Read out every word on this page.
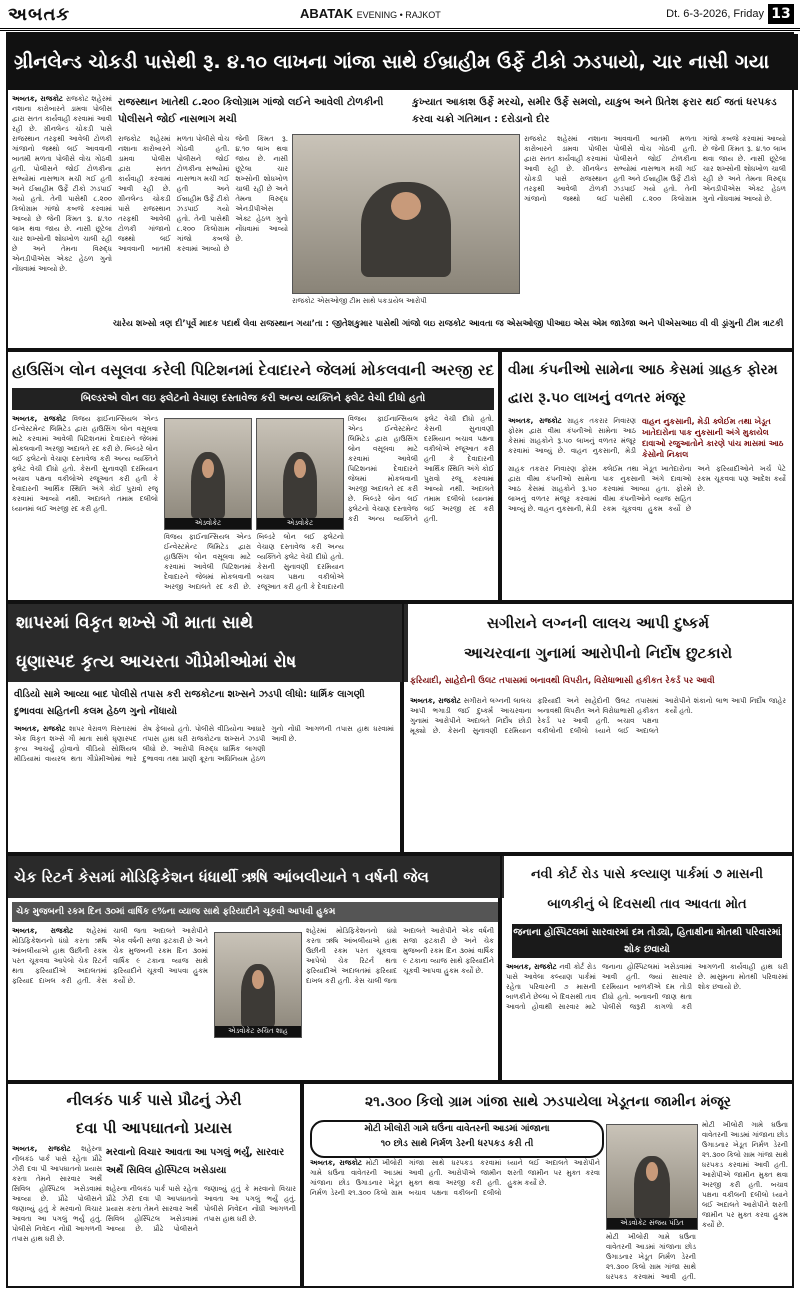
અબતક	ABATAK EVENING • RAJKOT	Dt. 6-3-2026, Friday 13
ગ્રીનલેન્ડ ચોકડી પાસેથી રૂ. ૪.૧૦ લાખના ગાંજા સાથે ઈબ્રાહીમ ઉર્ફે ટીકો ઝડપાયો, ચાર નાસી ગયા
રાજસ્થાન ખાતેથી ૮.૨૦૦ કિલોગ્રામ ગાંજો લઈને આવેલી ટોળકીની પોલીસને જોઈ નાસભાગ મચી
કુખ્યાત આકાશ ઉર્ફે મરચો, સમીર ઉર્ફે સમલો, યાકુબ અને પ્રિતેશ ફરાર થઈ જતાં ધરપકડ કરવા ચક્રો ગતિમાન : દરોડાનો દોર
અબતક, રાજકોટ રાજકોટ શહેરમાં નશાના કારોબારને ડામવા પોલીસ દ્વારા સતત કાર્યવાહી કરવામાં આવી રહી છે. ગ્રીનલેન્ડ ચોકડી પાસે રાજસ્થાન તરફથી આવેલી ટોળકી ગાંજાનો જથ્થો લઈ આવવાની બાતમી મળતા પોલીસે વોચ ગોઠવી હતી. પોલીસને જોઈ ટોળકીના સભ્યોમાં નાસભાગ મચી ગઈ હતી અને ઈબ્રાહીમ ઉર્ફે ટીકો ઝડપાઈ ગયો હતો. તેની પાસેથી ૮.૨૦૦ કિલોગ્રામ ગાંજો કબજે કરવામાં આવ્યો છે જેની કિંમત રૂ. ૪.૧૦ લાખ થવા જાય છે. નાસી છૂટેલા ચાર શખ્સોની શોધખોળ ચાલી રહી છે અને તેમના વિરુદ્ધ એનડીપીએસ એક્ટ હેઠળ ગુનો નોંધવામાં આવ્યો છે.
રાજકોટ શહેરમાં નશાના કારોબારને ડામવા પોલીસ દ્વારા સતત કાર્યવાહી કરવામાં આવી રહી છે. ગ્રીનલેન્ડ ચોકડી પાસે રાજસ્થાન તરફથી આવેલી ટોળકી ગાંજાનો જથ્થો લઈ આવવાની બાતમી મળતા પોલીસે વોચ ગોઠવી હતી. પોલીસને જોઈ ટોળકીના સભ્યોમાં નાસભાગ મચી ગઈ હતી અને ઈબ્રાહીમ ઉર્ફે ટીકો ઝડપાઈ ગયો હતો. તેની પાસેથી ૮.૨૦૦ કિલોગ્રામ ગાંજો કબજે કરવામાં આવ્યો છે જેની કિંમત રૂ. ૪.૧૦ લાખ થવા જાય છે. નાસી છૂટેલા ચાર શખ્સોની શોધખોળ ચાલી રહી છે અને તેમના વિરુદ્ધ એનડીપીએસ એક્ટ હેઠળ ગુનો નોંધવામાં આવ્યો છે.
રાજકોટ એસઓજી ટીમ સાથે પકડાયેલ આરોપી
રાજકોટ શહેરમાં નશાના કારોબારને ડામવા પોલીસ દ્વારા સતત કાર્યવાહી કરવામાં આવી રહી છે. ગ્રીનલેન્ડ ચોકડી પાસે રાજસ્થાન તરફથી આવેલી ટોળકી ગાંજાનો જથ્થો લઈ આવવાની બાતમી મળતા પોલીસે વોચ ગોઠવી હતી. પોલીસને જોઈ ટોળકીના સભ્યોમાં નાસભાગ મચી ગઈ હતી અને ઈબ્રાહીમ ઉર્ફે ટીકો ઝડપાઈ ગયો હતો. તેની પાસેથી ૮.૨૦૦ કિલોગ્રામ ગાંજો કબજે કરવામાં આવ્યો છે જેની કિંમત રૂ. ૪.૧૦ લાખ થવા જાય છે. નાસી છૂટેલા ચાર શખ્સોની શોધખોળ ચાલી રહી છે અને તેમના વિરુદ્ધ એનડીપીએસ એક્ટ હેઠળ ગુનો નોંધવામાં આવ્યો છે.
ચારેય શખ્સો ત્રણ દી’પૂર્વે માદક પદાર્થ લેવા રાજસ્થાન ગયા’તા : જીતેશકુમાર પાસેથી ગાંજો લઇ રાજકોટ આવતા જ એસઓજી પીઆઇ એસ એમ જાડેજા અને પીએસઆઇ વી વી ડ્રાંગુની ટીમ ત્રાટકી
હાઉસિંગ લોન વસૂલવા કરેલી પિટિશનમાં દેવાદારને જેલમાં મોકલવાની અરજી રદ
બિલ્ડરએ લોન લઇ ફ્લેટનો વેચાણ દસ્તાવેજ કરી અન્ય વ્યક્તિને ફ્લેટ વેચી દીધો હતો
અબતક, રાજકોટ વિજય ફાઈનાન્સિયલ એન્ડ ઈન્વેસ્ટમેન્ટ લિમિટેડ દ્વારા હાઉસિંગ લોન વસૂલવા માટે કરવામાં આવેલી પિટિશનમાં દેવાદારને જેલમાં મોકલવાની અરજી અદાલતે રદ કરી છે. બિલ્ડરે લોન લઈ ફ્લેટનો વેચાણ દસ્તાવેજ કરી અન્ય વ્યક્તિને ફ્લેટ વેચી દીધો હતો. કેસની સુનાવણી દરમિયાન બચાવ પક્ષના વકીલોએ રજૂઆત કરી હતી કે દેવાદારની આર્થિક સ્થિતિ અંગે કોઈ પુરાવો રજૂ કરવામાં આવ્યો નથી. અદાલતે તમામ દલીલો ધ્યાનમાં લઈ અરજી રદ કરી હતી.
એડવોકેટ	એડવોકેટ
વિજય ફાઈનાન્સિયલ એન્ડ ઈન્વેસ્ટમેન્ટ લિમિટેડ દ્વારા હાઉસિંગ લોન વસૂલવા માટે કરવામાં આવેલી પિટિશનમાં દેવાદારને જેલમાં મોકલવાની અરજી અદાલતે રદ કરી છે. બિલ્ડરે લોન લઈ ફ્લેટનો વેચાણ દસ્તાવેજ કરી અન્ય વ્યક્તિને ફ્લેટ વેચી દીધો હતો. કેસની સુનાવણી દરમિયાન બચાવ પક્ષના વકીલોએ રજૂઆત કરી હતી કે દેવાદારની
વિજય ફાઈનાન્સિયલ એન્ડ ઈન્વેસ્ટમેન્ટ લિમિટેડ દ્વારા હાઉસિંગ લોન વસૂલવા માટે કરવામાં આવેલી પિટિશનમાં દેવાદારને જેલમાં મોકલવાની અરજી અદાલતે રદ કરી છે. બિલ્ડરે લોન લઈ ફ્લેટનો વેચાણ દસ્તાવેજ કરી અન્ય વ્યક્તિને ફ્લેટ વેચી દીધો હતો. કેસની સુનાવણી દરમિયાન બચાવ પક્ષના વકીલોએ રજૂઆત કરી હતી કે દેવાદારની આર્થિક સ્થિતિ અંગે કોઈ પુરાવો રજૂ કરવામાં આવ્યો નથી. અદાલતે તમામ દલીલો ધ્યાનમાં લઈ અરજી રદ કરી હતી.
વીમા કંપનીઓ સામેના આઠ કેસમાં ગ્રાહક ફોરમ દ્વારા રૂ.૫૦ લાખનું વળતર મંજૂર
અબતક, રાજકોટ ગ્રાહક તકરાર નિવારણ ફોરમ દ્વારા વીમા કંપનીઓ સામેના આઠ કેસમાં ગ્રાહકોને રૂ.૫૦ લાખનું વળતર મંજૂર કરવામાં આવ્યું છે. વાહન નુકસાની, મેડી
વાહન નુકસાની, મેડી ક્લેઈમ તથા ખેડૂત ખાતેદારોના પાક નુકસાની અંગે મુકાયેલ દાવાઓ રજુઆતોને કારણે પાંચ માસમાં આઠ કેસોનો નિકાલ
ગ્રાહક તકરાર નિવારણ ફોરમ દ્વારા વીમા કંપનીઓ સામેના આઠ કેસમાં ગ્રાહકોને રૂ.૫૦ લાખનું વળતર મંજૂર કરવામાં આવ્યું છે. વાહન નુકસાની, મેડી ક્લેઈમ તથા ખેડૂત ખાતેદારોના પાક નુકસાની અંગે દાવાઓ કરવામાં આવ્યા હતા. ફોરમે વીમા કંપનીઓને વ્યાજ સહિત રકમ ચૂકવવા હુકમ કર્યો છે અને ફરિયાદીઓને ખર્ચ પેટે રકમ ચૂકવવા પણ આદેશ કર્યો છે.
શાપરમાં વિકૃત શખ્સે ગૌ માતા સાથે
ઘૃણાસ્પદ કૃત્ય આચરતા ગૌપ્રેમીઓમાં રોષ
વીડિયો સામે આવ્યા બાદ પોલીસે તપાસ કરી રાજકોટના શખ્સને ઝડપી લીધો: ધાર્મિક લાગણી દુભાવવા સહિતની કલમ હેઠળ ગુનો નોંધાયો
અબતક, રાજકોટ શાપર વેરાવળ વિસ્તારમાં એક વિકૃત શખ્સે ગૌ માતા સાથે ઘૃણાસ્પદ કૃત્ય આચર્યું હોવાનો વીડિયો સોશિયલ મીડિયામાં વાયરલ થતા ગૌપ્રેમીઓમાં ભારે રોષ ફેલાયો હતો. પોલીસે વીડિયોના આધારે તપાસ હાથ ધરી રાજકોટના શખ્સને ઝડપી લીધો છે. આરોપી વિરુદ્ધ ધાર્મિક લાગણી દુભાવવા તથા પ્રાણી ક્રૂરતા અધિનિયમ હેઠળ ગુનો નોંધી આગળની તપાસ હાથ ધરવામાં આવી છે.
સગીરાને લગ્નની લાલચ આપી દુષ્કર્મ
આચરવાના ગુનામાં આરોપીનો નિર્દોષ છુટકારો
ફરિયાદી, સાહેદોની ઉલટ તપાસમાં બનાવથી વિપરીત, વિરોધાભાસી હકીકત રેકર્ડ પર આવી
અબતક, રાજકોટ સગીરાને લગ્નની લાલચ આપી ભગાડી જઈ દુષ્કર્મ આચરવાના ગુનામાં આરોપીને અદાલતે નિર્દોષ છોડી મૂક્યો છે. કેસની સુનાવણી દરમિયાન ફરિયાદી અને સાહેદોની ઉલટ તપાસમાં બનાવથી વિપરીત અને વિરોધાભાસી હકીકત રેકર્ડ પર આવી હતી. બચાવ પક્ષના વકીલોની દલીલો ધ્યાને લઈ અદાલતે આરોપીને શંકાનો લાભ આપી નિર્દોષ જાહેર કર્યો હતો.
ચેક રિટર્ન કેસમાં મોડિફિકેશન ધંધાર્થી ઋષિ આંબલીયાને ૧ વર્ષની જેલ
ચેક મુજબની રકમ દિન ૩૦માં વાર્ષિક ૯%ના વ્યાજ સાથે ફરિયાદીને ચૂકવી આપવી હુકમ
અબતક, રાજકોટ શહેરમાં મોડિફિકેશનનો ધંધો કરતા ઋષિ આંબલીયાએ હાથ ઉછીની રકમ પરત ચૂકવવા આપેલો ચેક રિટર્ન થતા ફરિયાદીએ અદાલતમાં ફરિયાદ દાખલ કરી હતી. કેસ ચાલી જતા અદાલતે આરોપીને એક વર્ષની સજા ફટકારી છે અને ચેક મુજબની રકમ દિન ૩૦માં વાર્ષિક ૯ ટકાના વ્યાજ સાથે ફરિયાદીને ચૂકવી આપવા હુકમ કર્યો છે.
એડવોકેટ રુચિત શાહ
શહેરમાં મોડિફિકેશનનો ધંધો કરતા ઋષિ આંબલીયાએ હાથ ઉછીની રકમ પરત ચૂકવવા આપેલો ચેક રિટર્ન થતા ફરિયાદીએ અદાલતમાં ફરિયાદ દાખલ કરી હતી. કેસ ચાલી જતા અદાલતે આરોપીને એક વર્ષની સજા ફટકારી છે અને ચેક મુજબની રકમ દિન ૩૦માં વાર્ષિક ૯ ટકાના વ્યાજ સાથે ફરિયાદીને ચૂકવી આપવા હુકમ કર્યો છે.
નવી કોર્ટ રોડ પાસે કલ્યાણ પાર્કમાં ૭ માસની
બાળકીનું બે દિવસથી તાવ આવતા મોત
જનાના હોસ્પિટલમાં સારવારમાં દમ તોડ્યો, હિતાક્ષીના મોતથી પરિવારમાં શોક છવાયો
અબતક, રાજકોટ નવી કોર્ટ રોડ પાસે આવેલા કલ્યાણ પાર્કમાં રહેતા પરિવારની ૭ માસની બાળકીને છેલ્લા બે દિવસથી તાવ આવતો હોવાથી સારવાર માટે જનાના હોસ્પિટલમાં ખસેડવામાં આવી હતી. જ્યાં સારવાર દરમિયાન બાળકીએ દમ તોડી દીધો હતો. બનાવની જાણ થતા પોલીસે જરૂરી કાગળો કરી આગળની કાર્યવાહી હાથ ધરી છે. માસુમના મોતથી પરિવારમાં શોક છવાયો છે.
નીલકંઠ પાર્ક પાસે પ્રૌઢનું ઝેરી
દવા પી આપઘાતનો પ્રયાસ
અબતક, રાજકોટ શહેરના નીલકંઠ પાર્ક પાસે રહેતા પ્રૌઢે ઝેરી દવા પી આપઘાતનો પ્રયાસ કરતા તેમને સારવાર અર્થે સિવિલ હોસ્પિટલ ખસેડવામાં આવ્યા છે. પ્રૌઢે પોલીસને જણાવ્યું હતું કે મરવાનો વિચાર આવતા આ પગલું ભર્યું હતું. પોલીસે નિવેદન નોંધી આગળની તપાસ હાથ ધરી છે.
મરવાનો વિચાર આવતા આ પગલું ભર્યું, સારવાર અર્થે સિવિલ હોસ્પિટલ ખસેડાયા
શહેરના નીલકંઠ પાર્ક પાસે રહેતા પ્રૌઢે ઝેરી દવા પી આપઘાતનો પ્રયાસ કરતા તેમને સારવાર અર્થે સિવિલ હોસ્પિટલ ખસેડવામાં આવ્યા છે. પ્રૌઢે પોલીસને જણાવ્યું હતું કે મરવાનો વિચાર આવતા આ પગલું ભર્યું હતું. પોલીસે નિવેદન નોંધી આગળની તપાસ હાથ ધરી છે.
૨૧.૩૦૦ કિલો ગ્રામ ગાંજા સાથે ઝડપાયેલા ખેડૂતના જામીન મંજૂર
મોટી ખીલોરી ગામે ઘઉંના વાવેતરની આડમાં ગાંજાના
૧૦ છોડ સાથે નિર્મળ ડેરની ધરપકડ કરી તી
અબતક, રાજકોટ મોટી ખીલોરી ગામે ઘઉંના વાવેતરની આડમાં ગાંજાના છોડ ઉગાડનાર ખેડૂત નિર્મળ ડેરની ૨૧.૩૦૦ કિલો ગ્રામ ગાંજા સાથે ધરપકડ કરવામાં આવી હતી. આરોપીએ જામીન મુક્ત થવા અરજી કરી હતી. બચાવ પક્ષના વકીલની દલીલો ધ્યાને લઈ અદાલતે આરોપીને શરતી જામીન પર મુક્ત કરવા હુકમ કર્યો છે.
એડવોકેટ સંજય પંડિત
મોટી ખીલોરી ગામે ઘઉંના વાવેતરની આડમાં ગાંજાના છોડ ઉગાડનાર ખેડૂત નિર્મળ ડેરની ૨૧.૩૦૦ કિલો ગ્રામ ગાંજા સાથે ધરપકડ કરવામાં આવી હતી.
મોટી ખીલોરી ગામે ઘઉંના વાવેતરની આડમાં ગાંજાના છોડ ઉગાડનાર ખેડૂત નિર્મળ ડેરની ૨૧.૩૦૦ કિલો ગ્રામ ગાંજા સાથે ધરપકડ કરવામાં આવી હતી. આરોપીએ જામીન મુક્ત થવા અરજી કરી હતી. બચાવ પક્ષના વકીલની દલીલો ધ્યાને લઈ અદાલતે આરોપીને શરતી જામીન પર મુક્ત કરવા હુકમ કર્યો છે.
